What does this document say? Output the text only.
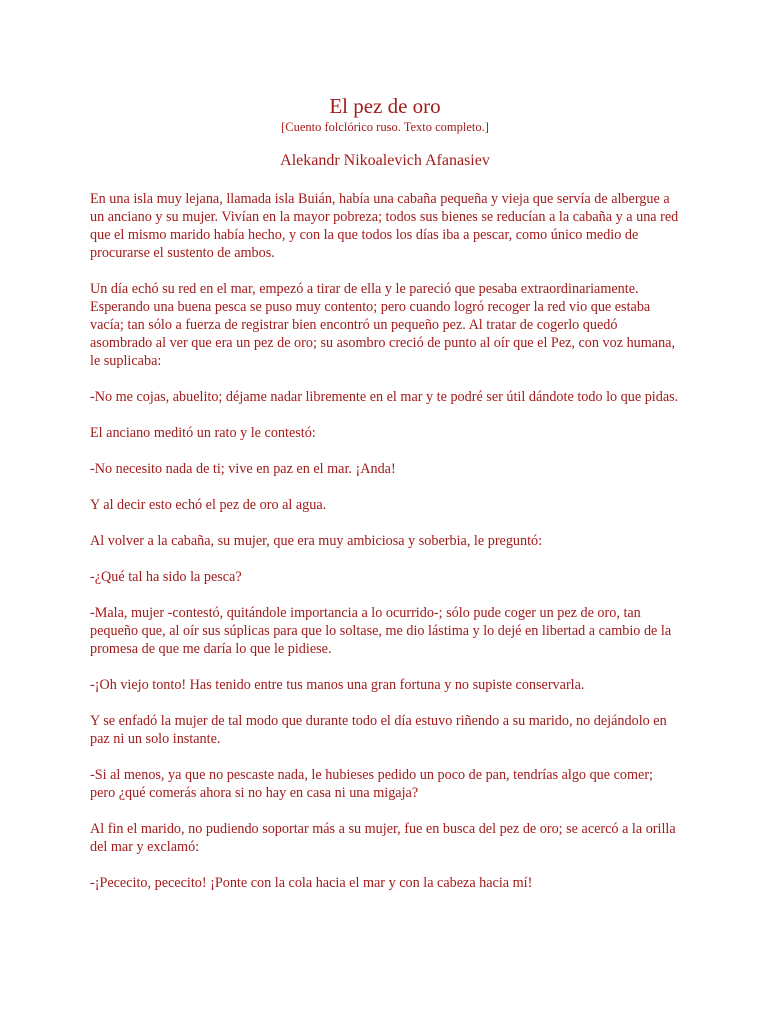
El pez de oro
[Cuento folclórico ruso. Texto completo.]
Alekandr Nikoalevich Afanasiev

En una isla muy lejana, llamada isla Buián, había una cabaña pequeña y vieja que servía de albergue a un anciano y su mujer. Vivían en la mayor pobreza; todos sus bienes se reducían a la cabaña y a una red que el mismo marido había hecho, y con la que todos los días iba a pescar, como único medio de procurarse el sustento de ambos.

Un día echó su red en el mar, empezó a tirar de ella y le pareció que pesaba extraordinariamente. Esperando una buena pesca se puso muy contento; pero cuando logró recoger la red vio que estaba vacía; tan sólo a fuerza de registrar bien encontró un pequeño pez. Al tratar de cogerlo quedó asombrado al ver que era un pez de oro; su asombro creció de punto al oír que el Pez, con voz humana, le suplicaba:

-No me cojas, abuelito; déjame nadar libremente en el mar y te podré ser útil dándote todo lo que pidas.

El anciano meditó un rato y le contestó:

-No necesito nada de ti; vive en paz en el mar. ¡Anda!

Y al decir esto echó el pez de oro al agua.

Al volver a la cabaña, su mujer, que era muy ambiciosa y soberbia, le preguntó:

-¿Qué tal ha sido la pesca?

-Mala, mujer -contestó, quitándole importancia a lo ocurrido-; sólo pude coger un pez de oro, tan pequeño que, al oír sus súplicas para que lo soltase, me dio lástima y lo dejé en libertad a cambio de la promesa de que me daría lo que le pidiese.

-¡Oh viejo tonto! Has tenido entre tus manos una gran fortuna y no supiste conservarla.

Y se enfadó la mujer de tal modo que durante todo el día estuvo riñendo a su marido, no dejándolo en paz ni un solo instante.

-Si al menos, ya que no pescaste nada, le hubieses pedido un poco de pan, tendrías algo que comer; pero ¿qué comerás ahora si no hay en casa ni una migaja?

Al fin el marido, no pudiendo soportar más a su mujer, fue en busca del pez de oro; se acercó a la orilla del mar y exclamó:

-¡Pececito, pececito! ¡Ponte con la cola hacia el mar y con la cabeza hacia mí!
